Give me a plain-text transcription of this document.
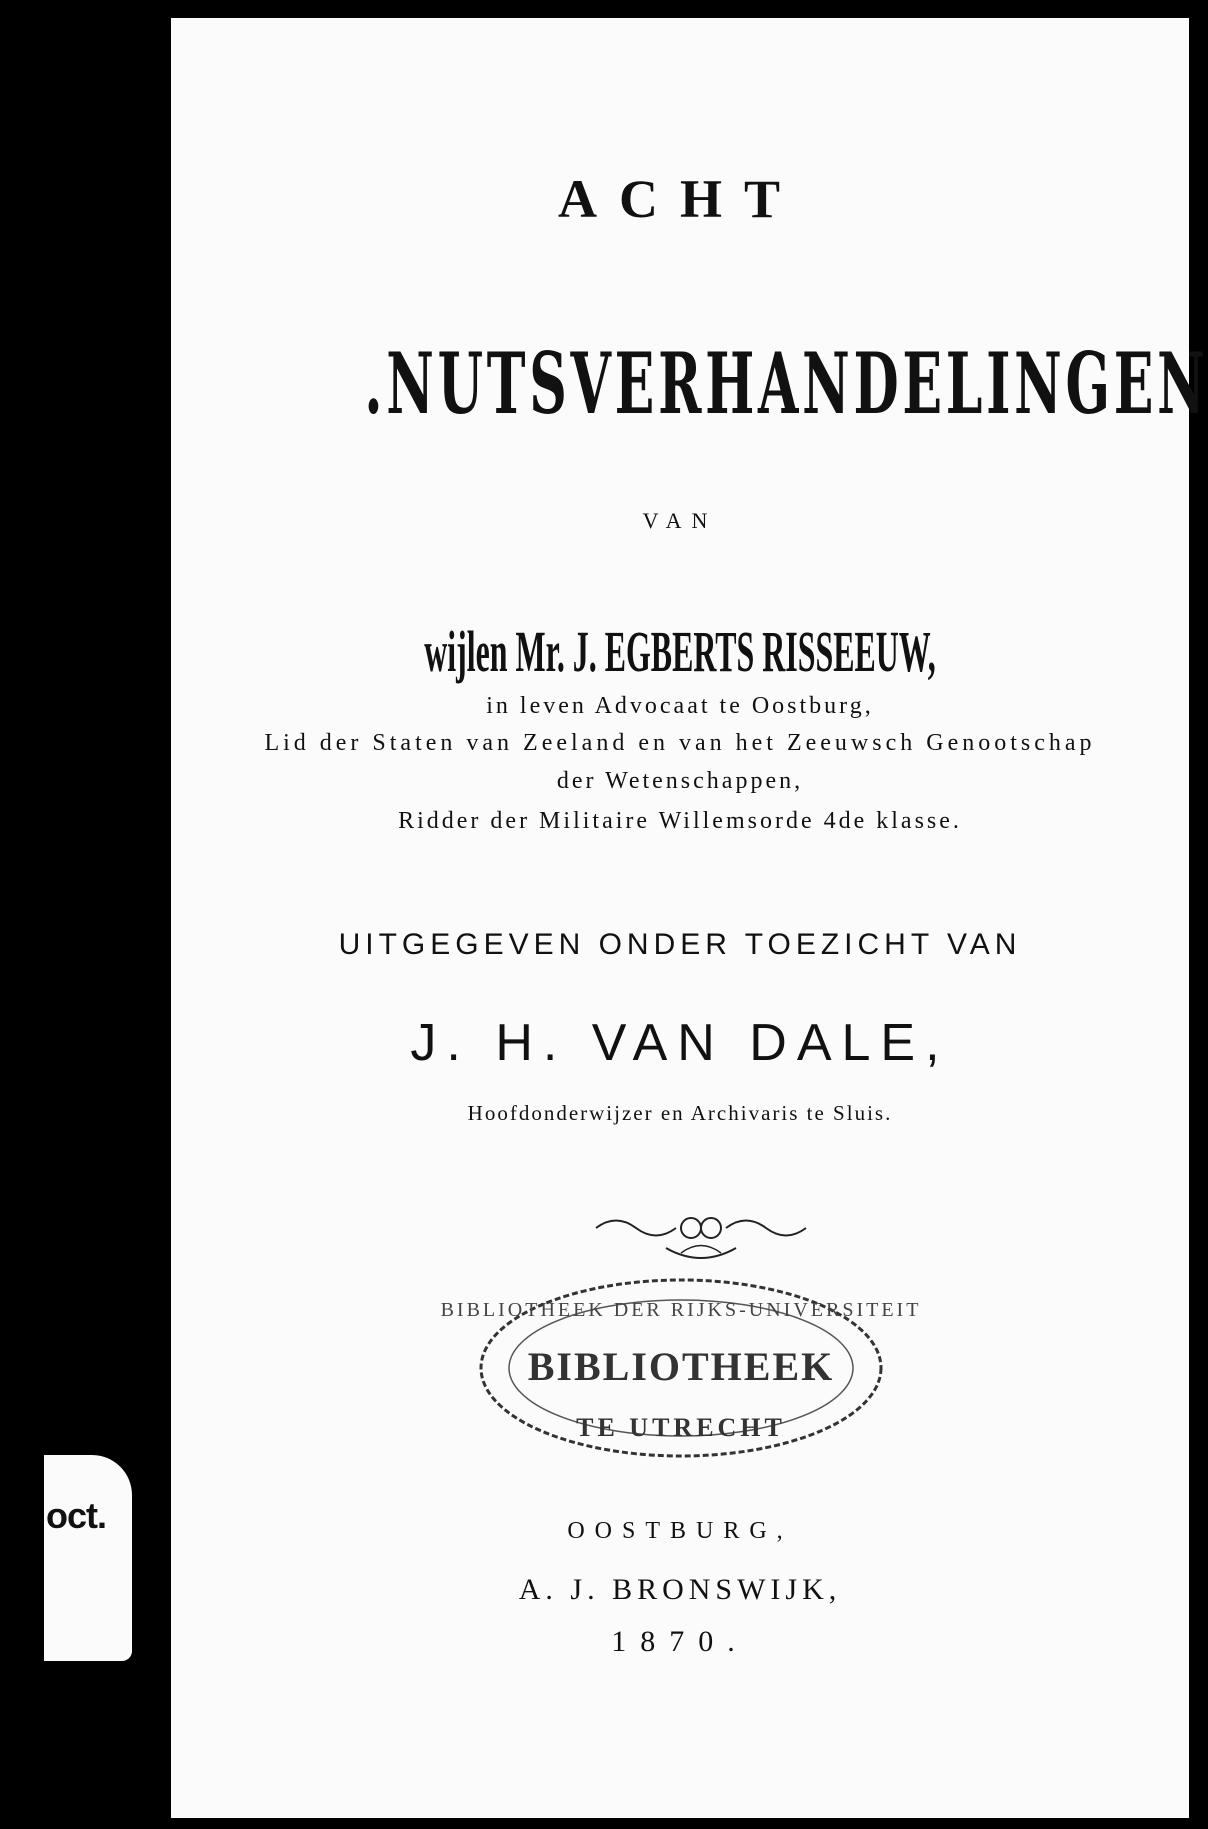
ACHT
.NUTSVERHANDELINGEN
VAN
wijlen Mr. J. EGBERTS RISSEEUW,
in leven Advocaat te Oostburg,
Lid der Staten van Zeeland en van het Zeeuwsch Genootschap
der Wetenschappen,
Ridder der Militaire Willemsorde 4de klasse.
UITGEGEVEN ONDER TOEZICHT VAN
J. H. VAN DALE,
Hoofdonderwijzer en Archivaris te Sluis.
BIBLIOTHEEK DER RIJKS-UNIVERSITEIT
BIBLIOTHEEK
TE UTRECHT
OOSTBURG,
A. J. BRONSWIJK,
1870.
oct.
